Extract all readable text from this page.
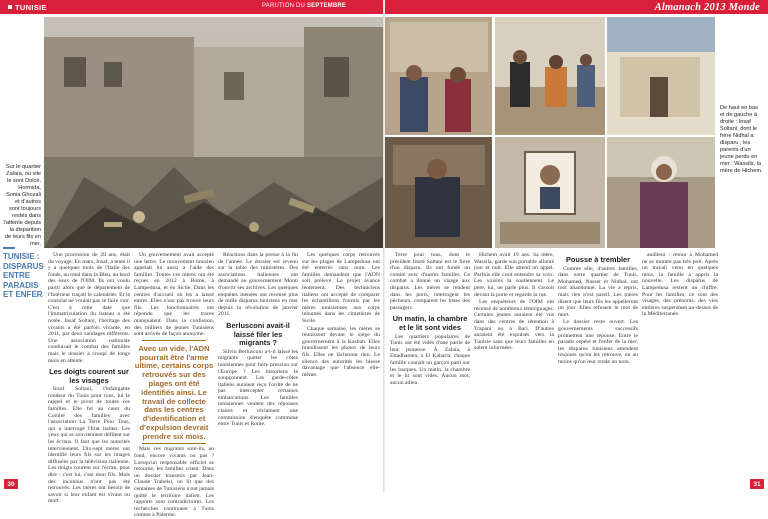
TUNISIE	PARUTION DU SEPTEMBRE	Almanach 2013 Monde
Sur le quartier Zalaïa, ou vile le sont Dolcé. Hormida, Sonia Ghozali et d'autres sont toujours restés dans l'attente depuis la disparition de leurs fils en mer.
De haut en bas et de gauche à droite : Insaf Soltani, dont le frère Nidhal a disparu ; les parents d'un jeune perdu en mer ; Wassila, la mère de Hichem.
TUNISIE : DISPARUS ENTRE PARADIS ET ENFER

Une procession de 39 ans, était du voyage. En mars, Insaf, a tenté il y a quelques mois de l'Italie des fonds, au total dans la Bleu, au bord des eaux de l'OIM. Ils ont voulu partir alors que le département de l'Intérieur traçait le calendrier. Et le consulat ne voulait pas se faire voir. C'est à cette date que l'immatriculation du bateau a été notée. Insaf Soltani, l'héritage des vivants a été parfois vivante, en 2011, par deux sondages différents. Une association nationale conduisait le combat des familles mais le dossier a croupi de longs mois en attente.

Les doigts courent sur les visages

Insaf Soltani, l'infatigable rondeur du Tunis pour tous, lui le rappel et le pivot de toutes ces familles. Elle fut au cœur du Comité des familles avec l'association La Terre Pour Tous, qui a interrogé l'Etat italien. Les yeux qui se souviennent défilent sur les écrans. Il faut que les autorités interviennent. Dix-sept mères ont identifié leurs fils sur les images diffusées par la télévision italienne. Les doigts courent sur l'écran, pour dire : c'est lui, c'est mon fils. Mais des inconnus n'ont pas été retrouvés. Les mères ont besoin de savoir si leur enfant est vivant ou mort.

Un gouvernement avait accepté une lettre. Le mouvement tunisien appelait lui aussi à l'aide des familles. Toutes ces mères ont été reçues en 2012 à Rome, à Lampedusa, et en Sicile. Dans les centres d'accueil on les a laissé entrer. Elles n'ont pas trouvé leurs fils. Les fonctionnaires ont répondu que les traces manquaient. Dans la confusion, des milliers de jeunes Tunisiens sont arrivés de façon anonyme.

Avec un vide, l'ADN pourrait être l'arme ultime, certains corps retrouvés sur des plages ont été identifiés ainsi. Le travail de collecte dans les centres d'identification et d'expulsion devrait prendre six mois.

Mais ces migrants sont-ils, au fond, encore vivants ou pas ? Lorsqu'un responsable officiel se retourne, les familles crient. Dans un dossier transmis par Jean-Claude Trabelsi, on lit que des centaines de Tunisiens n'ont jamais quitté le territoire italien. Les rapports sont contradictoires. Les recherches continuent à Tunis comme à Palerme.

Réactions dans la presse à la fin de l'année. Le dossier est revenu sur la table des ministères. Des associations italiennes ont demandé au gouvernement Monti d'ouvrir ses archives. Les quelques enquêtes menées ont recensé plus de mille disparus tunisiens en mer depuis la révolution de janvier 2011.

Berlusconi avait-il laissé filer les migrants ?

Silvio Berlusconi a-t-il laissé les migrants quitter les côtes tunisiennes pour faire pression sur l'Europe ? Les historiens le soupçonnent. Les garde-côtes italiens auraient reçu l'ordre de ne pas intercepter certaines embarcations. Les familles tunisiennes veulent des réponses claires et réclament une commission d'enquête commune entre Tunis et Rome.

Les quelques corps retrouvés sur les plages de Lampedusa ont été enterrés sans nom. Les familles demandent que l'ADN soit prélevé. Le projet avance lentement. Des techniciens italiens ont accepté de comparer les échantillons fournis par les mères tunisiennes aux corps inhumés dans les cimetières de Sicile.

Chaque semaine, les mères se réunissent devant le siège du gouvernement à la Kasbah. Elles brandissent les photos de leurs fils. Elles ne lâcheront rien. Le silence des autorités les blesse davantage que l'absence elle-même.

Terre pour tous, dont le président Imed Soltani est le frère d'un disparu. Ils ont fondé un comité avec d'autres familles. Ce combat a donné un visage aux disparus. Les mères se rendent dans les ports, interrogent les pêcheurs, comparent les listes des passagers.

Un matin, la chambre et le lit sont vides

Les quartiers populaires de Tunis ont été vidés d'une partie de leur jeunesse. À Zalaïa, à Ettadhamen, à El Kabaria, chaque famille connaît un garçon parti sur les barques. Un matin, la chambre et le lit sont vides. Aucun mot, aucun adieu.

Hichem avait 19 ans. Sa mère, Wassila, garde son portable allumé jour et nuit. Elle attend un appel. Parfois elle croit entendre sa voix. Les voisins la soutiennent. Le père, lui, ne parle plus. Il s'assoit devant la porte et regarde la rue.

Les enquêteurs de l'OIM ont recensé de nombreux témoignages. Certains jeunes auraient été vus dans des centres de rétention à Trapani ou à Bari. D'autres auraient été expulsés vers la Tunisie sans que leurs familles en soient informées.

Pousse à trembler

Comme elle, d'autres familles, dans notre quartier de Tunis, Mohamed, Nasser et Nidhal, ont tout abandonné. La vie a repris, mais rien n'est pareil. Les mères disent que leurs fils les appelleront un jour. Elles refusent le mot de mort.

Le dossier reste ouvert. Les gouvernements successifs promettent une réponse. Entre le paradis espéré et l'enfer de la mer, les disparus tunisiens attendent toujours qu'on les retrouve, ou au moins qu'on leur rende un nom.

auditeur : retour à Mohamed ne se montre pas très poli. Après un travail venu en quelques mois, la famille a appris la nouvelle. Les disparus de Lampedusa restent un chiffre. Pour les familles, ce sont des visages, des prénoms, des vies entières suspendues au-dessus de la Méditerranée.

30	31
